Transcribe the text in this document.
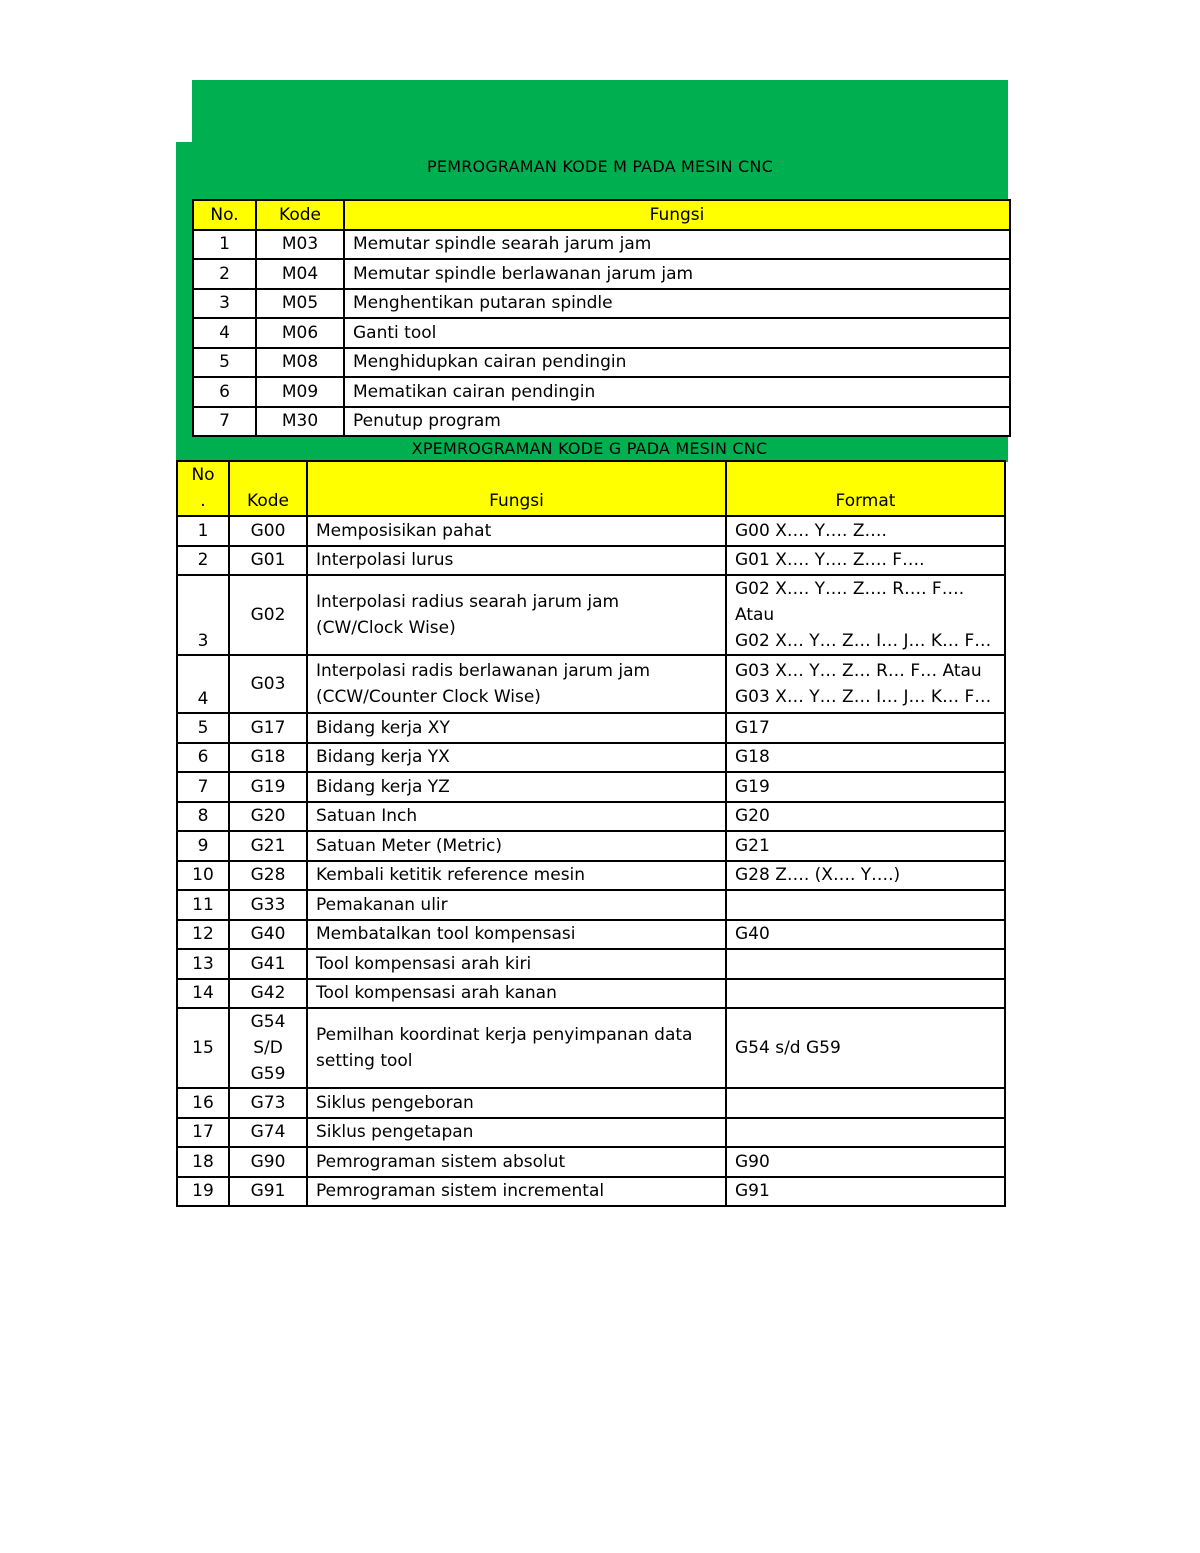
PEMROGRAMAN KODE M PADA MESIN CNC
No.	Kode	Fungsi
1	M03	Memutar spindle searah jarum jam
2	M04	Memutar spindle berlawanan jarum jam
3	M05	Menghentikan putaran spindle
4	M06	Ganti tool
5	M08	Menghidupkan cairan pendingin
6	M09	Mematikan cairan pendingin
7	M30	Penutup program
XPEMROGRAMAN KODE G PADA MESIN CNC
No
.	Kode	Fungsi	Format
1	G00	Memposisikan pahat	G00 X…. Y…. Z….

2	G01	Interpolasi lurus	G01 X…. Y…. Z…. F….

3	G02	Interpolasi radius searah jarum jam
(CW/Clock Wise)	G02 X…. Y…. Z…. R…. F…. Atau
G02 X… Y… Z… I… J… K… F…

4	G03	Interpolasi radis berlawanan jarum jam
(CCW/Counter Clock Wise)	G03 X… Y… Z… R… F… Atau
G03 X… Y… Z… I… J… K… F…

5	G17	Bidang kerja XY	G17

6	G18	Bidang kerja YX	G18

7	G19	Bidang kerja YZ	G19

8	G20	Satuan Inch	G20

9	G21	Satuan Meter (Metric)	G21

10	G28	Kembali ketitik reference mesin	G28 Z…. (X…. Y….)

11	G33	Pemakanan ulir	

12	G40	Membatalkan tool kompensasi	G40

13	G41	Tool kompensasi arah kiri	

14	G42	Tool kompensasi arah kanan	

15	G54
S/D
G59	Pemilhan koordinat kerja penyimpanan data
setting tool	G54 s/d G59

16	G73	Siklus pengeboran	

17	G74	Siklus pengetapan	

18	G90	Pemrograman sistem absolut	G90

19	G91	Pemrograman sistem incremental	G91
